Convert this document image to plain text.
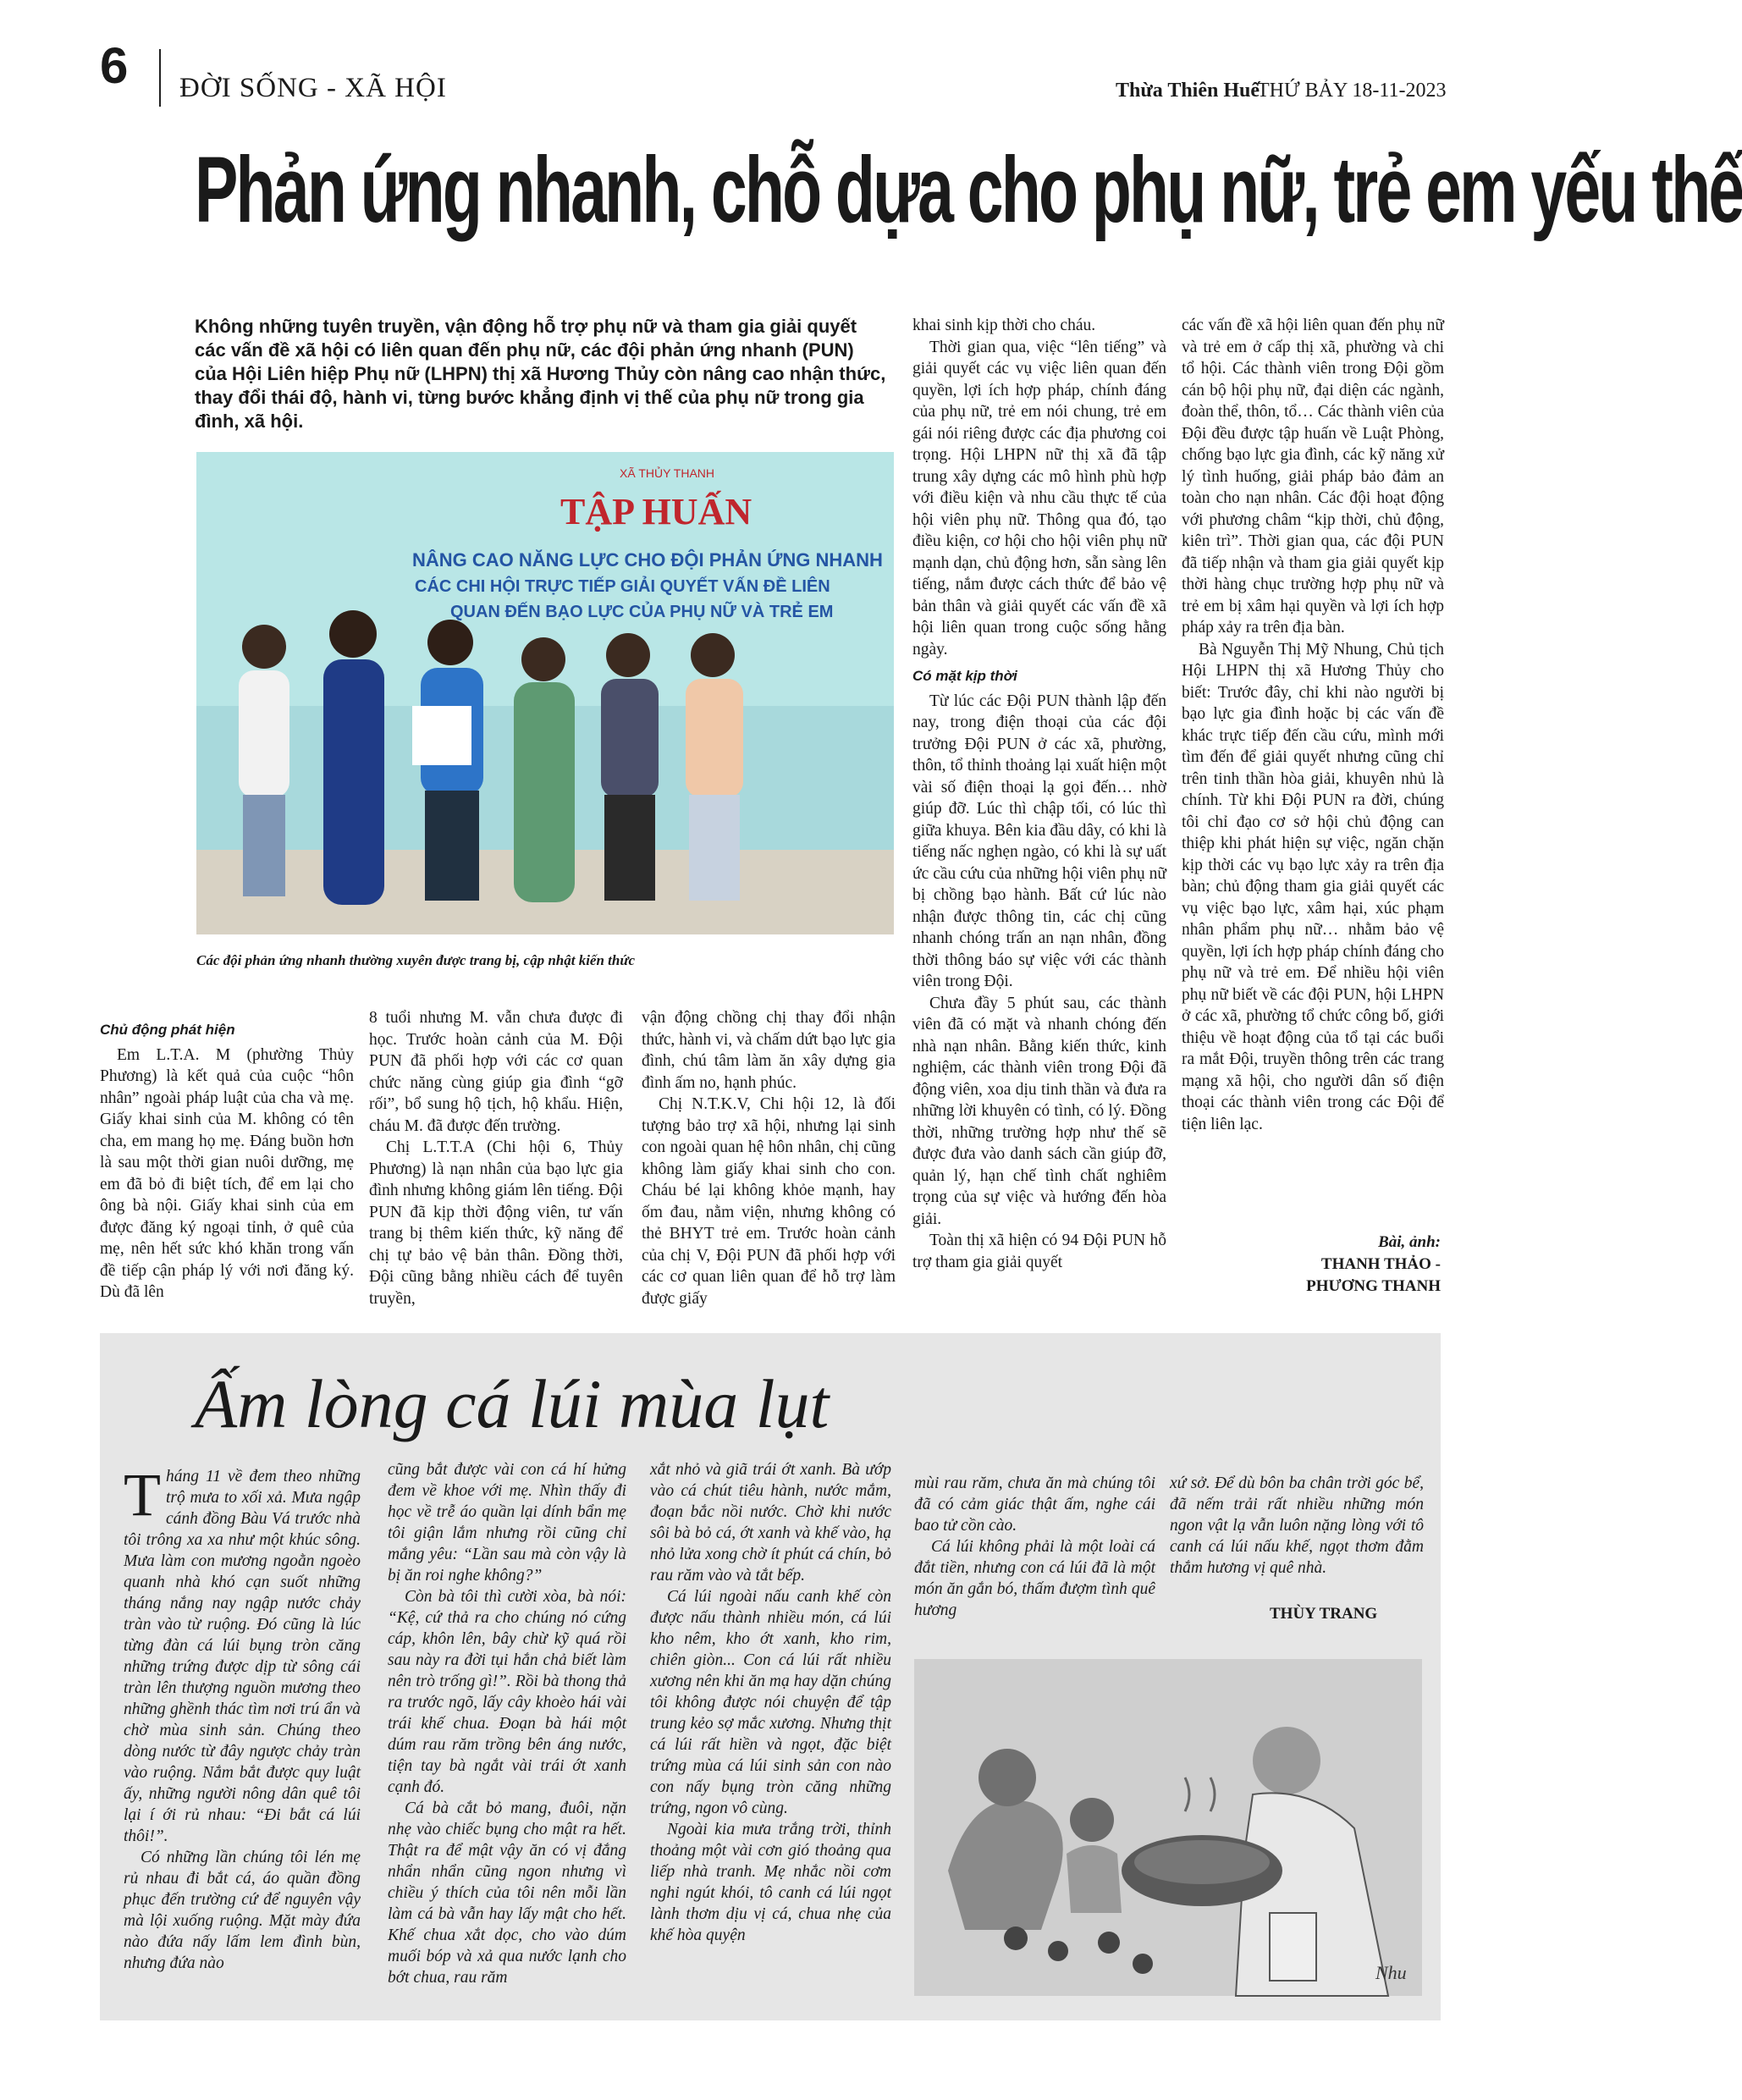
6 ĐỜI SỐNG - XÃ HỘI	Thừa Thiên Huế
THỨ BẢY 18-11-2023
Phản ứng nhanh, chỗ dựa cho phụ nữ, trẻ em yếu thế
Không những tuyên truyền, vận động hỗ trợ phụ nữ và tham gia giải quyết các vấn đề xã hội có liên quan đến phụ nữ, các đội phản ứng nhanh (PUN) của Hội Liên hiệp Phụ nữ (LHPN) thị xã Hương Thủy còn nâng cao nhận thức, thay đổi thái độ, hành vi, từng bước khẳng định vị thế của phụ nữ trong gia đình, xã hội.
XÃ THỦY THANH
TẬP HUẤN
NÂNG CAO NĂNG LỰC CHO ĐỘI PHẢN ỨNG NHANH
CÁC CHI HỘI TRỰC TIẾP GIẢI QUYẾT VẤN ĐỀ LIÊN
QUAN ĐẾN BẠO LỰC CỦA PHỤ NỮ VÀ TRẺ EM
Các đội phản ứng nhanh thường xuyên được trang bị, cập nhật kiến thức

Chủ động phát hiện

Em L.T.A. M (phường Thủy Phương) là kết quả của cuộc “hôn nhân” ngoài pháp luật của cha và mẹ. Giấy khai sinh của M. không có tên cha, em mang họ mẹ. Đáng buồn hơn là sau một thời gian nuôi dưỡng, mẹ em đã bỏ đi biệt tích, để em lại cho ông bà nội. Giấy khai sinh của em được đăng ký ngoại tỉnh, ở quê của mẹ, nên hết sức khó khăn trong vấn đề tiếp cận pháp lý với nơi đăng ký. Dù đã lên

8 tuổi nhưng M. vẫn chưa được đi học. Trước hoàn cảnh của M. Đội PUN đã phối hợp với các cơ quan chức năng cùng giúp gia đình “gỡ rối”, bổ sung hộ tịch, hộ khẩu. Hiện, cháu M. đã được đến trường.

Chị L.T.T.A (Chi hội 6, Thủy Phương) là nạn nhân của bạo lực gia đình nhưng không giám lên tiếng. Đội PUN đã kịp thời động viên, tư vấn trang bị thêm kiến thức, kỹ năng để chị tự bảo vệ bản thân. Đồng thời, Đội cũng bằng nhiều cách để tuyên truyền,

vận động chồng chị thay đổi nhận thức, hành vi, và chấm dứt bạo lực gia đình, chú tâm làm ăn xây dựng gia đình ấm no, hạnh phúc.

Chị N.T.K.V, Chi hội 12, là đối tượng bảo trợ xã hội, nhưng lại sinh con ngoài quan hệ hôn nhân, chị cũng không làm giấy khai sinh cho con. Cháu bé lại không khỏe mạnh, hay ốm đau, nằm viện, nhưng không có thẻ BHYT trẻ em. Trước hoàn cảnh của chị V, Đội PUN đã phối hợp với các cơ quan liên quan để hỗ trợ làm được giấy

khai sinh kịp thời cho cháu.

Thời gian qua, việc “lên tiếng” và giải quyết các vụ việc liên quan đến quyền, lợi ích hợp pháp, chính đáng của phụ nữ, trẻ em nói chung, trẻ em gái nói riêng được các địa phương coi trọng. Hội LHPN nữ thị xã đã tập trung xây dựng các mô hình phù hợp với điều kiện và nhu cầu thực tế của hội viên phụ nữ. Thông qua đó, tạo điều kiện, cơ hội cho hội viên phụ nữ mạnh dạn, chủ động hơn, sẵn sàng lên tiếng, nắm được cách thức để bảo vệ bản thân và giải quyết các vấn đề xã hội liên quan trong cuộc sống hằng ngày.

Có mặt kịp thời

Từ lúc các Đội PUN thành lập đến nay, trong điện thoại của các đội trưởng Đội PUN ở các xã, phường, thôn, tổ thỉnh thoảng lại xuất hiện một vài số điện thoại lạ gọi đến… nhờ giúp đỡ. Lúc thì chập tối, có lúc thì giữa khuya. Bên kia đầu dây, có khi là tiếng nấc nghẹn ngào, có khi là sự uất ức cầu cứu của những hội viên phụ nữ bị chồng bạo hành. Bất cứ lúc nào nhận được thông tin, các chị cũng nhanh chóng trấn an nạn nhân, đồng thời thông báo sự việc với các thành viên trong Đội.

Chưa đầy 5 phút sau, các thành viên đã có mặt và nhanh chóng đến nhà nạn nhân. Bằng kiến thức, kinh nghiệm, các thành viên trong Đội đã động viên, xoa dịu tinh thần và đưa ra những lời khuyên có tình, có lý. Đồng thời, những trường hợp như thế sẽ được đưa vào danh sách cần giúp đỡ, quản lý, hạn chế tình chất nghiêm trọng của sự việc và hướng đến hòa giải.

Toàn thị xã hiện có 94 Đội PUN hỗ trợ tham gia giải quyết

các vấn đề xã hội liên quan đến phụ nữ và trẻ em ở cấp thị xã, phường và chi tổ hội. Các thành viên trong Đội gồm cán bộ hội phụ nữ, đại diện các ngành, đoàn thể, thôn, tổ… Các thành viên của Đội đều được tập huấn về Luật Phòng, chống bạo lực gia đình, các kỹ năng xử lý tình huống, giải pháp bảo đảm an toàn cho nạn nhân. Các đội hoạt động với phương châm “kịp thời, chủ động, kiên trì”. Thời gian qua, các đội PUN đã tiếp nhận và tham gia giải quyết kịp thời hàng chục trường hợp phụ nữ và trẻ em bị xâm hại quyền và lợi ích hợp pháp xảy ra trên địa bàn.

Bà Nguyễn Thị Mỹ Nhung, Chủ tịch Hội LHPN thị xã Hương Thủy cho biết: Trước đây, chỉ khi nào người bị bạo lực gia đình hoặc bị các vấn đề khác trực tiếp đến cầu cứu, mình mới tìm đến để giải quyết nhưng cũng chỉ trên tinh thần hòa giải, khuyên nhủ là chính. Từ khi Đội PUN ra đời, chúng tôi chỉ đạo cơ sở hội chủ động can thiệp khi phát hiện sự việc, ngăn chặn kịp thời các vụ bạo lực xảy ra trên địa bàn; chủ động tham gia giải quyết các vụ việc bạo lực, xâm hại, xúc phạm nhân phẩm phụ nữ… nhằm bảo vệ quyền, lợi ích hợp pháp chính đáng cho phụ nữ và trẻ em. Để nhiều hội viên phụ nữ biết về các đội PUN, hội LHPN ở các xã, phường tổ chức công bố, giới thiệu về hoạt động của tổ tại các buổi ra mắt Đội, truyền thông trên các trang mạng xã hội, cho người dân số điện thoại các thành viên trong các Đội để tiện liên lạc.

Bài, ảnh:
THANH THẢO -
PHƯƠNG THANH
Ấm lòng cá lúi mùa lụt

Tháng 11 về đem theo những trộ mưa to xối xả. Mưa ngập cánh đồng Bàu Vá trước nhà tôi trông xa xa như một khúc sông. Mưa làm con mương ngoằn ngoèo quanh nhà khó cạn suốt những tháng nắng nay ngập nước chảy tràn vào từ ruộng. Đó cũng là lúc từng đàn cá lúi bụng tròn căng những trứng được dịp từ sông cái tràn lên thượng nguồn mương theo những ghềnh thác tìm nơi trú ẩn và chờ mùa sinh sản. Chúng theo dòng nước từ đây ngược chảy tràn vào ruộng. Nắm bắt được quy luật ấy, những người nông dân quê tôi lại í ới rủ nhau: “Đi bắt cá lúi thôi!”.

Có những lần chúng tôi lén mẹ rủ nhau đi bắt cá, áo quần đồng phục đến trường cứ để nguyên vậy mà lội xuống ruộng. Mặt mày đứa nào đứa nấy lấm lem đình bùn, nhưng đứa nào

cũng bắt được vài con cá hí hửng đem về khoe với mẹ. Nhìn thấy đi học về trễ áo quần lại dính bẩn mẹ tôi giận lắm nhưng rồi cũng chỉ mắng yêu: “Lần sau mà còn vậy là bị ăn roi nghe không?”

Còn bà tôi thì cười xòa, bà nói: “Kệ, cứ thả ra cho chúng nó cứng cáp, khôn lên, bây chừ kỹ quá rồi sau này ra đời tụi hắn chả biết làm nên trò trống gì!”. Rồi bà thong thả ra trước ngõ, lấy cây khoèo hái vài trái khế chua. Đoạn bà hái một dúm rau răm trồng bên áng nước, tiện tay bà ngắt vài trái ớt xanh cạnh đó.

Cá bà cắt bỏ mang, đuôi, nặn nhẹ vào chiếc bụng cho mật ra hết. Thật ra để mật vậy ăn có vị đắng nhẩn nhẩn cũng ngon nhưng vì chiều ý thích của tôi nên mỗi lần làm cá bà vẫn hay lấy mật cho hết. Khế chua xắt dọc, cho vào dúm muối bóp và xả qua nước lạnh cho bớt chua, rau răm

xắt nhỏ và giã trái ớt xanh. Bà ướp vào cá chút tiêu hành, nước mắm, đoạn bắc nồi nước. Chờ khi nước sôi bà bỏ cá, ớt xanh và khế vào, hạ nhỏ lửa xong chờ ít phút cá chín, bỏ rau răm vào và tắt bếp.

Cá lúi ngoài nấu canh khế còn được nấu thành nhiều món, cá lúi kho nêm, kho ớt xanh, kho rim, chiên giòn... Con cá lúi rất nhiều xương nên khi ăn mạ hay dặn chúng tôi không được nói chuyện để tập trung kẻo sợ mắc xương. Nhưng thịt cá lúi rất hiền và ngọt, đặc biệt trứng mùa cá lúi sinh sản con nào con nấy bụng tròn căng những trứng, ngon vô cùng.

Ngoài kia mưa trắng trời, thỉnh thoảng một vài cơn gió thoảng qua liếp nhà tranh. Mẹ nhắc nồi cơm nghi ngút khói, tô canh cá lúi ngọt lành thơm dịu vị cá, chua nhẹ của khế hòa quyện

mùi rau răm, chưa ăn mà chúng tôi đã có cảm giác thật ấm, nghe cái bao tử cồn cào.

Cá lúi không phải là một loài cá đắt tiền, nhưng con cá lúi đã là một món ăn gắn bó, thấm đượm tình quê hương

xứ sở. Để dù bôn ba chân trời góc bể, đã nếm trải rất nhiều những món ngon vật lạ vẫn luôn nặng lòng với tô canh cá lúi nấu khế, ngọt thơm đằm thắm hương vị quê nhà.

THÙY TRANG
Nhu
